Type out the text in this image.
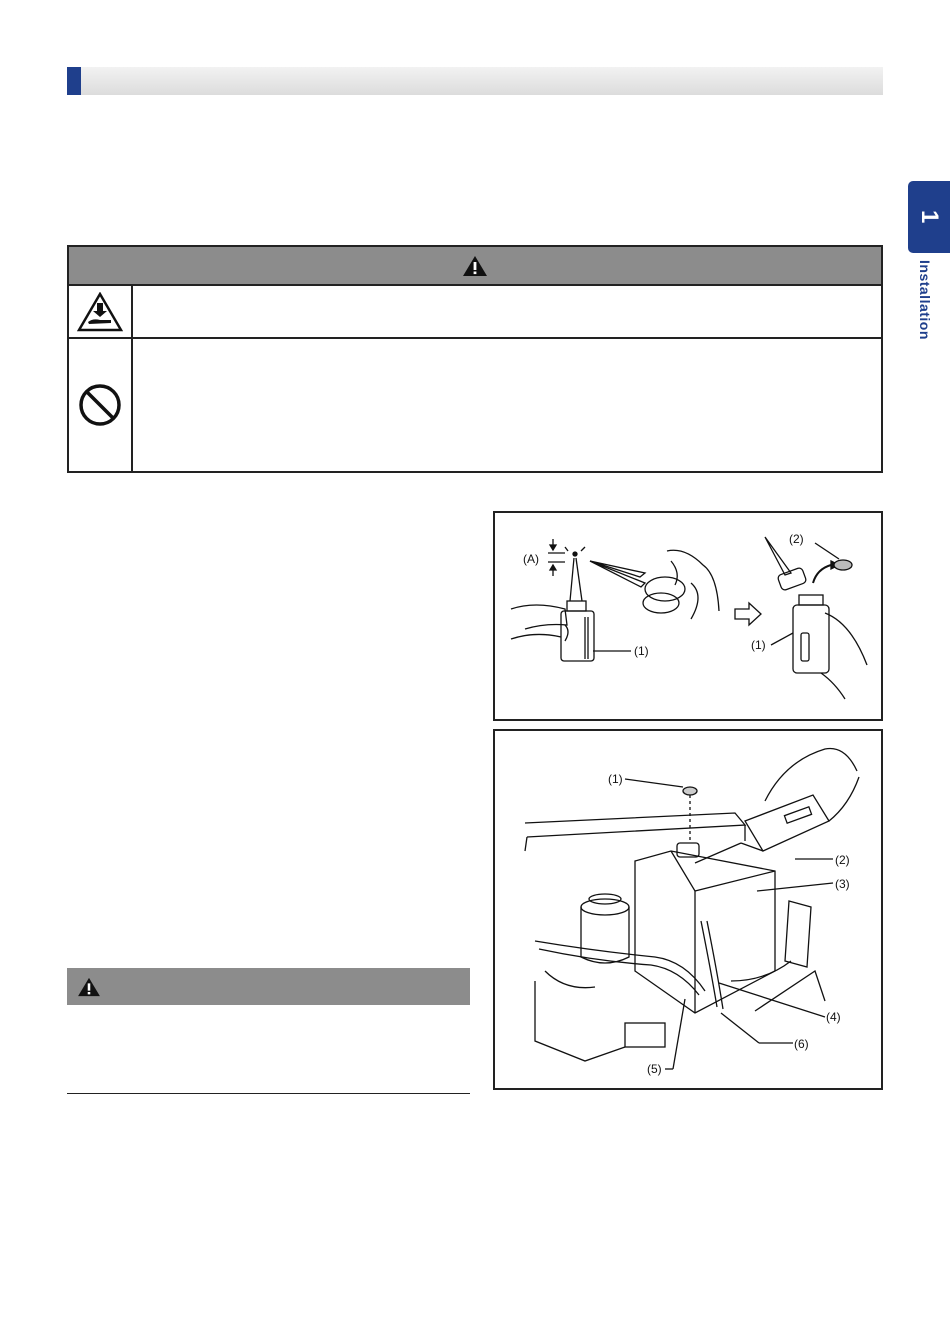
1
Installation
(A)
(1)	(1)
(2)
(1)
(2)
(3)
(4)
(5)
(6)
